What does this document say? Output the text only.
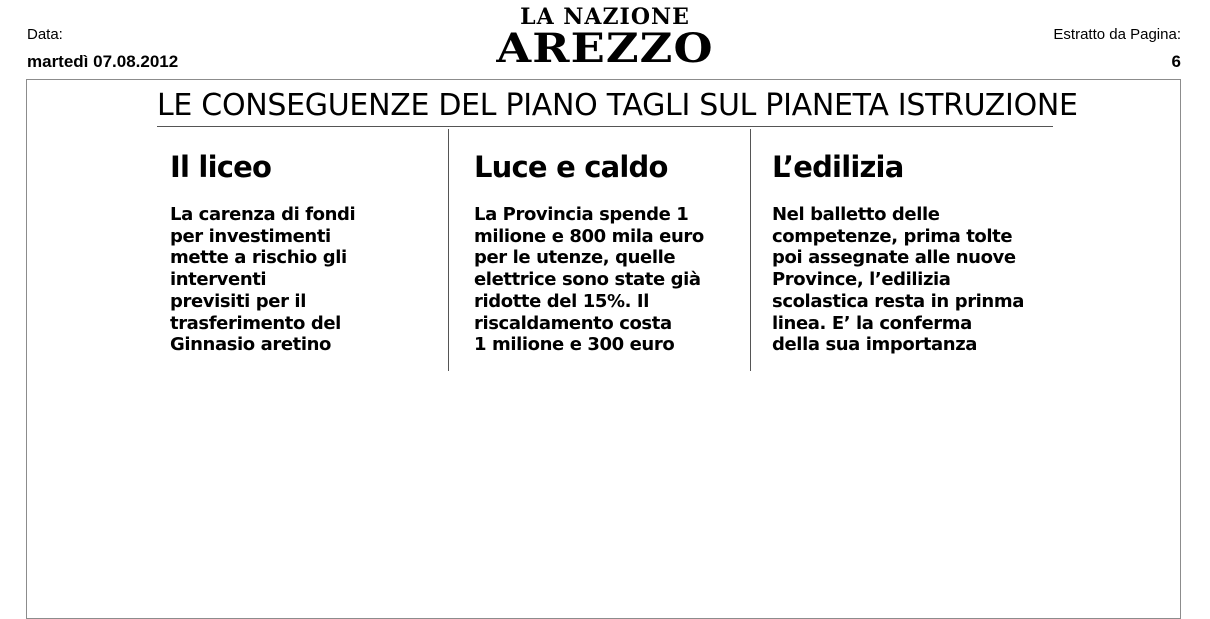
Data:
martedì 07.08.2012
LA NAZIONE
AREZZO	Estratto da Pagina:
6
LE CONSEGUENZE DEL PIANO TAGLI SUL PIANETA ISTRUZIONE
Il liceo

La carenza di fondi
per investimenti
mette a rischio gli
interventi
previsiti per il
trasferimento del
Ginnasio aretino

Luce e caldo

La Provincia spende 1
milione e 800 mila euro
per le utenze, quelle
elettrice sono state già
ridotte del 15%. Il
riscaldamento costa
1 milione e 300 euro

L’edilizia

Nel balletto delle
competenze, prima tolte
poi assegnate alle nuove
Province, l’edilizia
scolastica resta in prinma
linea. E’ la conferma
della sua importanza
